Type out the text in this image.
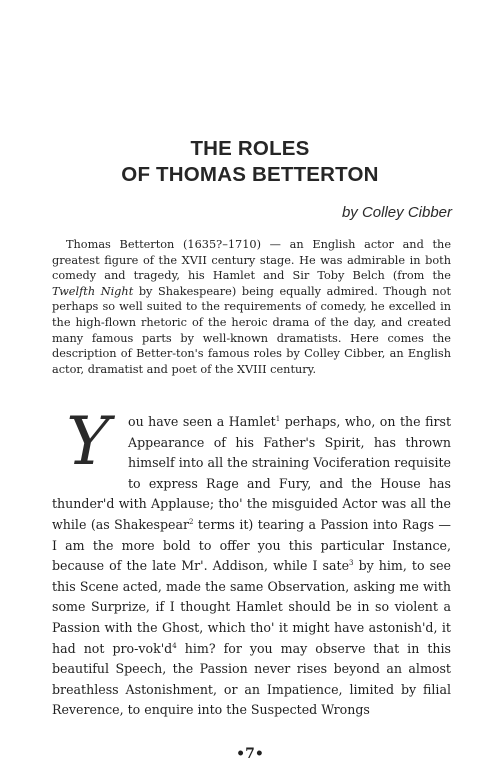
THE ROLES
OF THOMAS BETTERTON
by Colley Cibber

Thomas Betterton (1635?–1710) — an English actor and the greatest figure of the XVII century stage. He was admirable in both comedy and tragedy, his Hamlet and Sir Toby Belch (from the Twelfth Night by Shakespeare) being equally admired. Though not perhaps so well suited to the requirements of comedy, he excelled in the high-flown rhetoric of the heroic drama of the day, and created many famous parts by well-known dramatists. Here comes the description of Better-ton's famous roles by Colley Cibber, an English actor, dramatist and poet of the XVIII century.

Y	ou have seen a Hamlet$^1$ perhaps, who, on the first Appearance of his Father's Spirit, has thrown himself into all the straining Vociferation requisite to express Rage and Fury, and the House has thunder'd with Applause; tho' the misguided Actor was all the while (as Shakespear$^2$ terms it) tearing a Passion into Rags — I am the more bold to offer you this particular Instance, because of the late Mr'. Addison, while I sate$^3$ by him, to see this Scene acted, made the same Observation, asking me with some Surprize, if I thought Hamlet should be in so violent a Passion with the Ghost, which tho' it might have astonish'd, it had not pro-$vok'd^4$ him? for you may observe that in this beautiful Speech, the Passion never rises beyond an almost breathless Astonishment, or an Impatience, limited by filial Reverence, to enquire into the Suspected Wrongs

•7•
